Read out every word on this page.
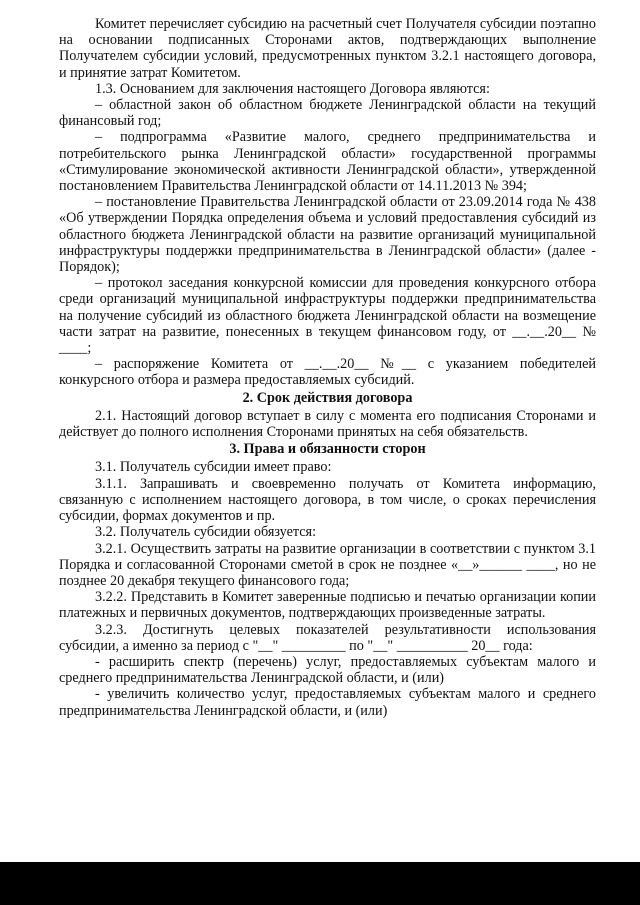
Комитет перечисляет субсидию на расчетный счет Получателя субсидии поэтапно на основании подписанных Сторонами актов, подтверждающих выполнение Получателем субсидии условий, предусмотренных пунктом 3.2.1 настоящего договора, и принятие затрат Комитетом.

1.3. Основанием для заключения настоящего Договора являются:

– областной закон об областном бюджете Ленинградской области на текущий финансовый год;

– подпрограмма «Развитие малого, среднего предпринимательства и потребительского рынка Ленинградской области» государственной программы «Стимулирование экономической активности Ленинградской области», утвержденной постановлением Правительства Ленинградской области от 14.11.2013 № 394;

– постановление Правительства Ленинградской области от 23.09.2014 года № 438 «Об утверждении Порядка определения объема и условий предоставления субсидий из областного бюджета Ленинградской области на развитие организаций муниципальной инфраструктуры поддержки предпринимательства в Ленинградской области» (далее - Порядок);

– протокол заседания конкурсной комиссии для проведения конкурсного отбора среди организаций муниципальной инфраструктуры поддержки предпринимательства на получение субсидий из областного бюджета Ленинградской области на возмещение части затрат на развитие, понесенных в текущем финансовом году, от __.__.20__ № ____;

– распоряжение Комитета от __.__.20__ №__ с указанием победителей конкурсного отбора и размера предоставляемых субсидий.

2. Срок действия договора

2.1. Настоящий договор вступает в силу с момента его подписания Сторонами и действует до полного исполнения Сторонами принятых на себя обязательств.

3. Права и обязанности сторон

3.1. Получатель субсидии имеет право:

3.1.1. Запрашивать и своевременно получать от Комитета информацию, связанную с исполнением настоящего договора, в том числе, о сроках перечисления субсидии, формах документов и пр.

3.2. Получатель субсидии обязуется:

3.2.1. Осуществить затраты на развитие организации в соответствии с пунктом 3.1 Порядка и согласованной Сторонами сметой в срок не позднее «__»______ ____, но не позднее 20 декабря текущего финансового года;

3.2.2. Представить в Комитет заверенные подписью и печатью организации копии платежных и первичных документов, подтверждающих произведенные затраты.

3.2.3. Достигнуть целевых показателей результативности использования субсидии, а именно за период с "__" _________ по "__" __________ 20__ года:

- расширить спектр (перечень) услуг, предоставляемых субъектам малого и среднего предпринимательства Ленинградской области, и (или)

- увеличить количество услуг, предоставляемых субъектам малого и среднего предпринимательства Ленинградской области, и (или)
